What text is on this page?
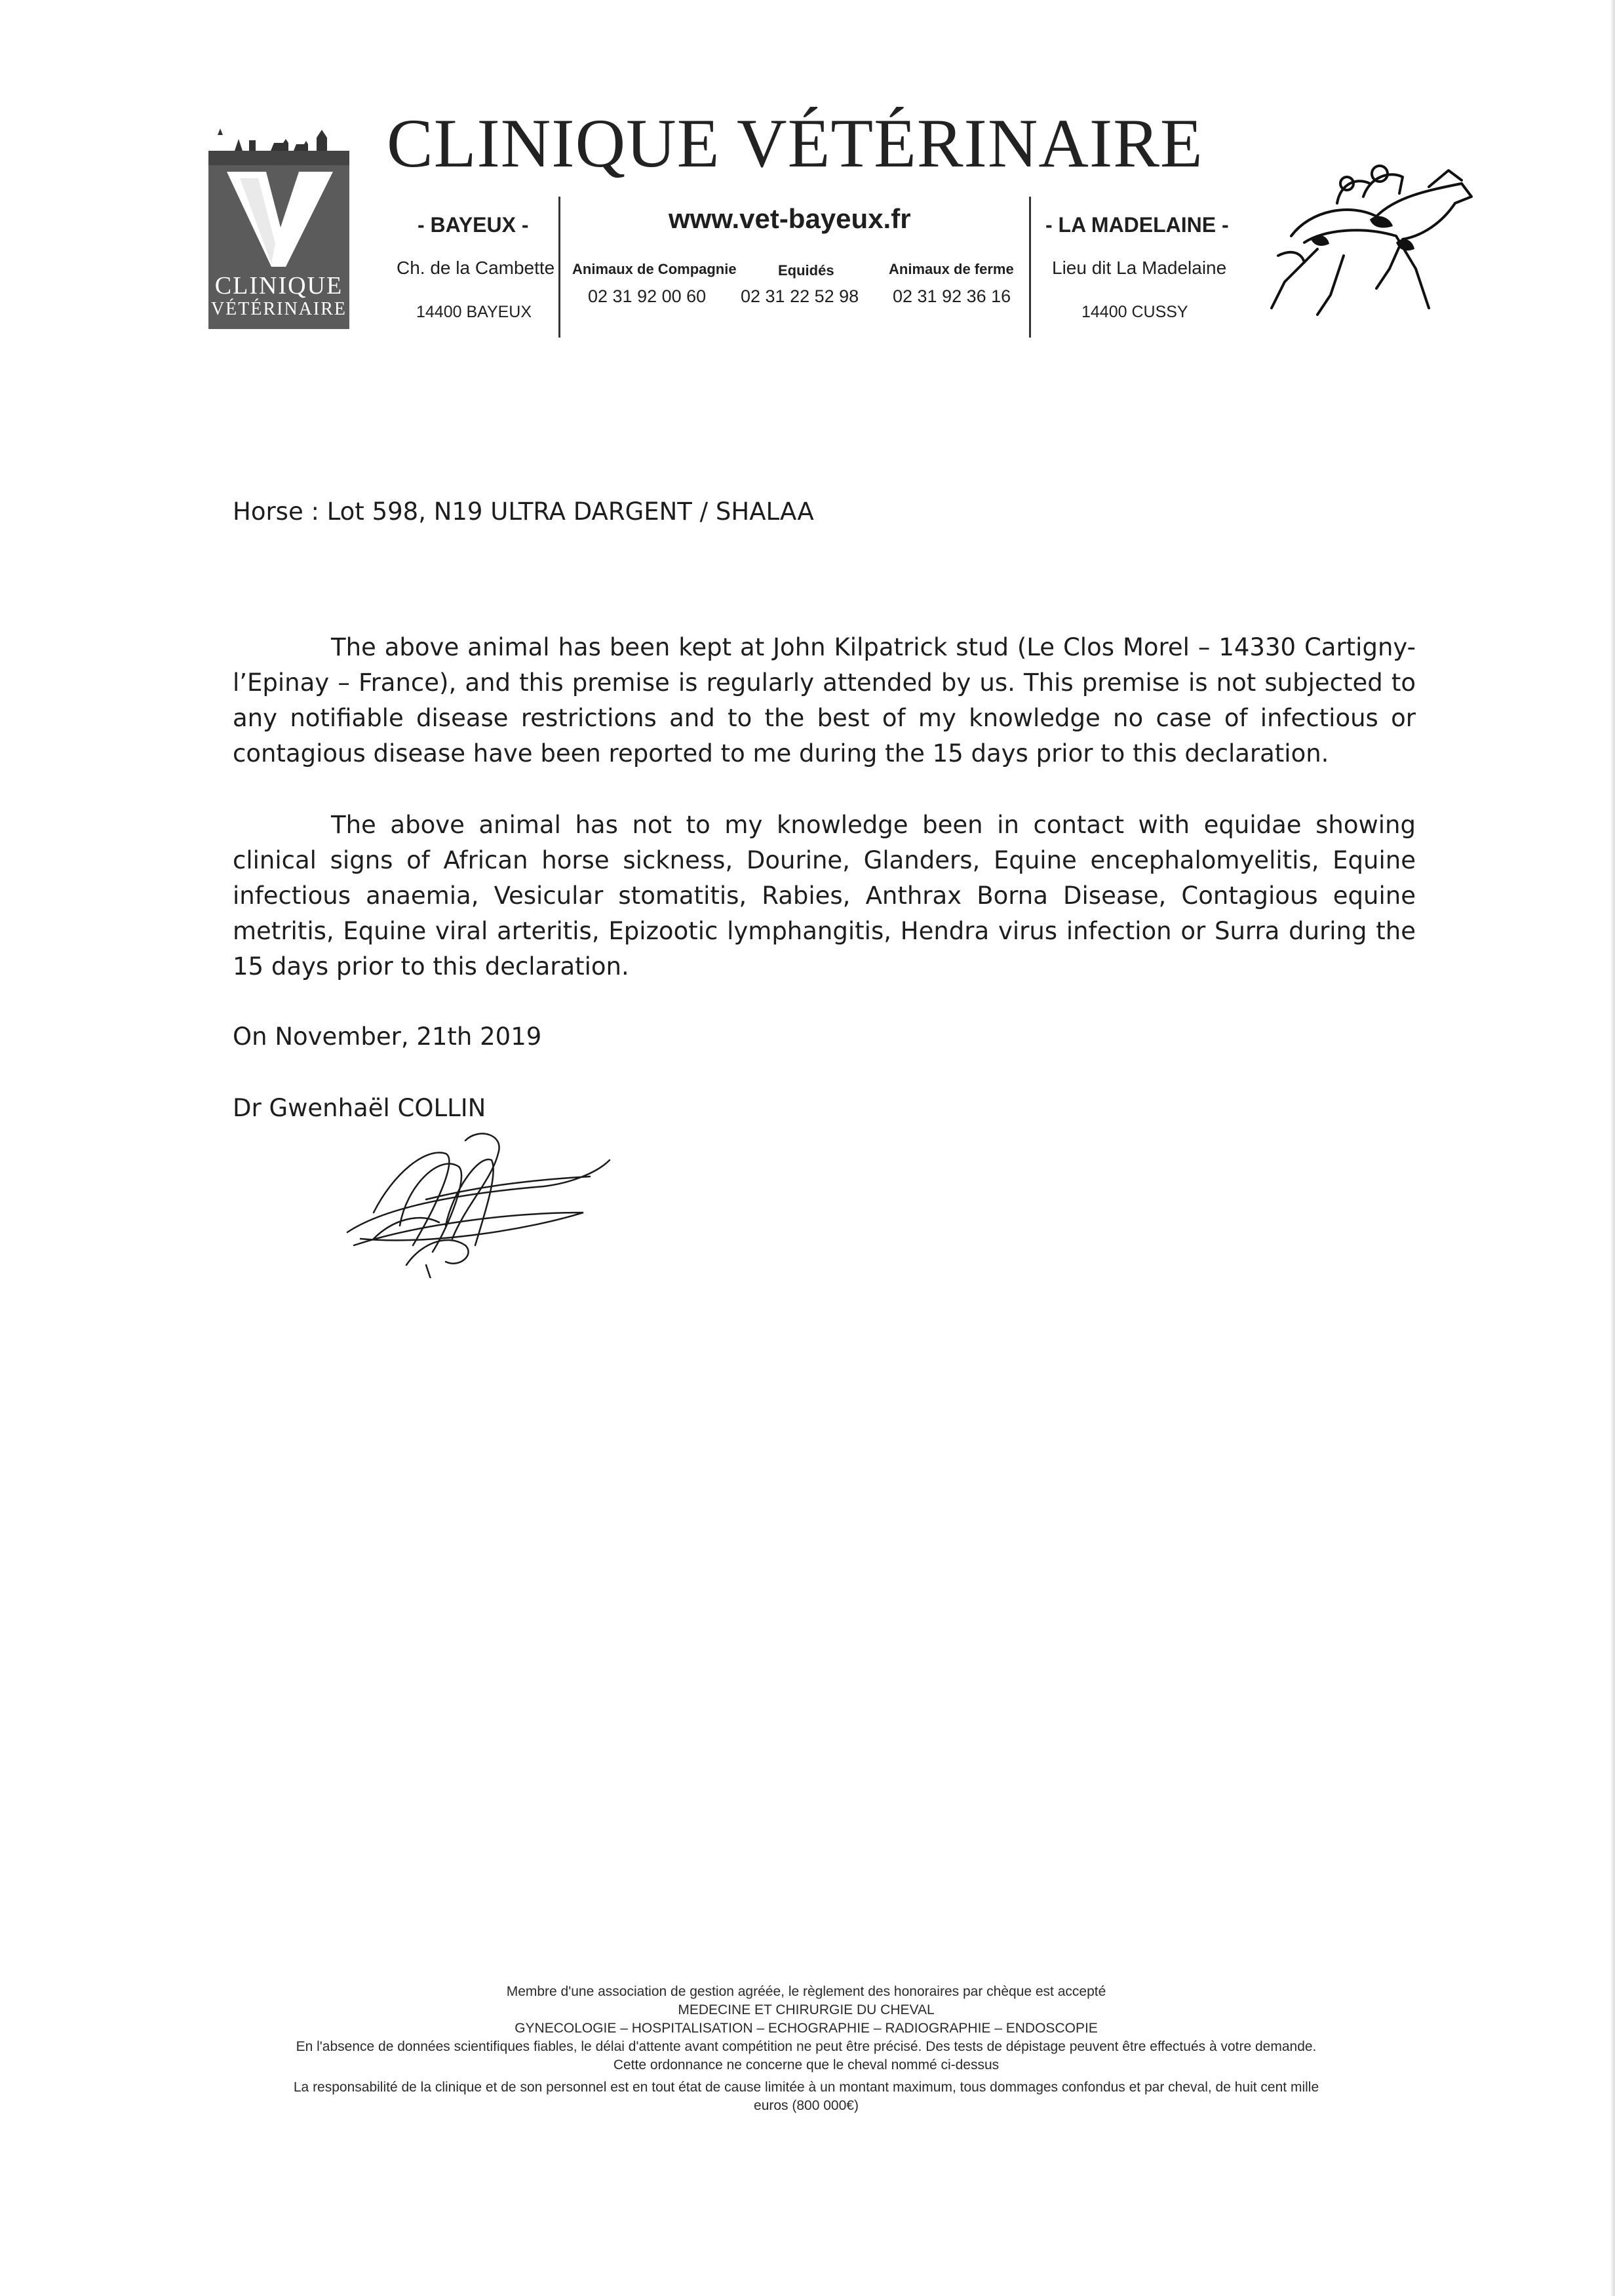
CLINIQUE
VÉTÉRINAIRE
CLINIQUE VÉTÉRINAIRE
- BAYEUX -
Ch. de la Cambette
14400 BAYEUX
www.vet-bayeux.fr
Animaux de Compagnie
02 31 92 00 60
Equidés
02 31 22 52 98
Animaux de ferme
02 31 92 36 16
- LA MADELAINE -
Lieu dit La Madelaine
14400 CUSSY
Horse : Lot 598, N19 ULTRA DARGENT / SHALAA
The above animal has been kept at John Kilpatrick stud (Le Clos Morel – 14330 Cartigny-l’Epinay – France), and this premise is regularly attended by us. This premise is not subjected to any notifiable disease restrictions and to the best of my knowledge no case of infectious or contagious disease have been reported to me during the 15 days prior to this declaration.
The above animal has not to my knowledge been in contact with equidae showing clinical signs of African horse sickness, Dourine, Glanders, Equine encephalomyelitis, Equine infectious anaemia, Vesicular stomatitis, Rabies, Anthrax Borna Disease, Contagious equine metritis, Equine viral arteritis, Epizootic lymphangitis, Hendra virus infection or Surra during the 15 days prior to this declaration.
On November, 21th 2019
Dr Gwenhaël COLLIN
Membre d'une association de gestion agréée, le règlement des honoraires par chèque est accepté
MEDECINE ET CHIRURGIE DU CHEVAL
GYNECOLOGIE – HOSPITALISATION – ECHOGRAPHIE – RADIOGRAPHIE – ENDOSCOPIE
En l'absence de données scientifiques fiables, le délai d'attente avant compétition ne peut être précisé. Des tests de dépistage peuvent être effectués à votre demande.
Cette ordonnance ne concerne que le cheval nommé ci-dessus
La responsabilité de la clinique et de son personnel est en tout état de cause limitée à un montant maximum, tous dommages confondus et par cheval, de huit cent mille
euros (800 000€)
